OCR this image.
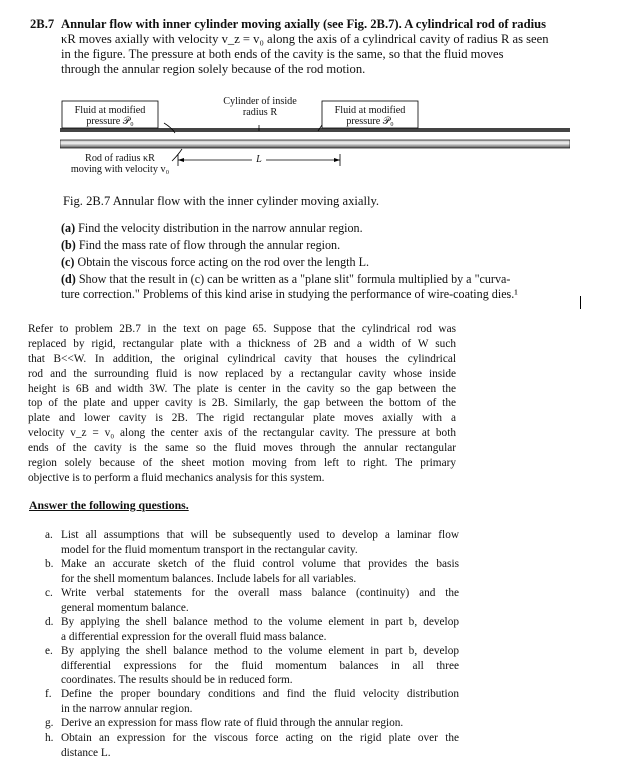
2B.7 Annular flow with inner cylinder moving axially (see Fig. 2B.7). A cylindrical rod of radius
κR moves axially with velocity v_z = v₀ along the axis of a cylindrical cavity of radius R as seen
in the figure. The pressure at both ends of the cavity is the same, so that the fluid moves
through the annular region solely because of the rod motion.
Fluid at modified
pressure 𝒫₀
Cylinder of inside
radius R	Fluid at modified
pressure 𝒫₀
Rod of radius κR
moving with velocity v₀
L
Fig. 2B.7 Annular flow with the inner cylinder moving axially.
(a) Find the velocity distribution in the narrow annular region.
(b) Find the mass rate of flow through the annular region.
(c) Obtain the viscous force acting on the rod over the length L.
(d) Show that the result in (c) can be written as a "plane slit" formula multiplied by a "curva-
ture correction." Problems of this kind arise in studying the performance of wire-coating dies.¹
Refer to problem 2B.7 in the text on page 65. Suppose that the cylindrical rod was
replaced by rigid, rectangular plate with a thickness of 2B and a width of W such
that B<<W. In addition, the original cylindrical cavity that houses the cylindrical
rod and the surrounding fluid is now replaced by a rectangular cavity whose inside
height is 6B and width 3W. The plate is center in the cavity so the gap between the
top of the plate and upper cavity is 2B. Similarly, the gap between the bottom of the
plate and lower cavity is 2B. The rigid rectangular plate moves axially with a
velocity v_z = v₀ along the center axis of the rectangular cavity. The pressure at both
ends of the cavity is the same so the fluid moves through the annular rectangular
region solely because of the sheet motion moving from left to right. The primary
objective is to perform a fluid mechanics analysis for this system.
Answer the following questions.
a. List all assumptions that will be subsequently used to develop a laminar flow
model for the fluid momentum transport in the rectangular cavity.
b. Make an accurate sketch of the fluid control volume that provides the basis
for the shell momentum balances. Include labels for all variables.
c. Write verbal statements for the overall mass balance (continuity) and the
general momentum balance.
d. By applying the shell balance method to the volume element in part b, develop
a differential expression for the overall fluid mass balance.
e. By applying the shell balance method to the volume element in part b, develop
differential expressions for the fluid momentum balances in all three
coordinates. The results should be in reduced form.
f. Define the proper boundary conditions and find the fluid velocity distribution
in the narrow annular region.
g. Derive an expression for mass flow rate of fluid through the annular region.
h. Obtain an expression for the viscous force acting on the rigid plate over the
distance L.
